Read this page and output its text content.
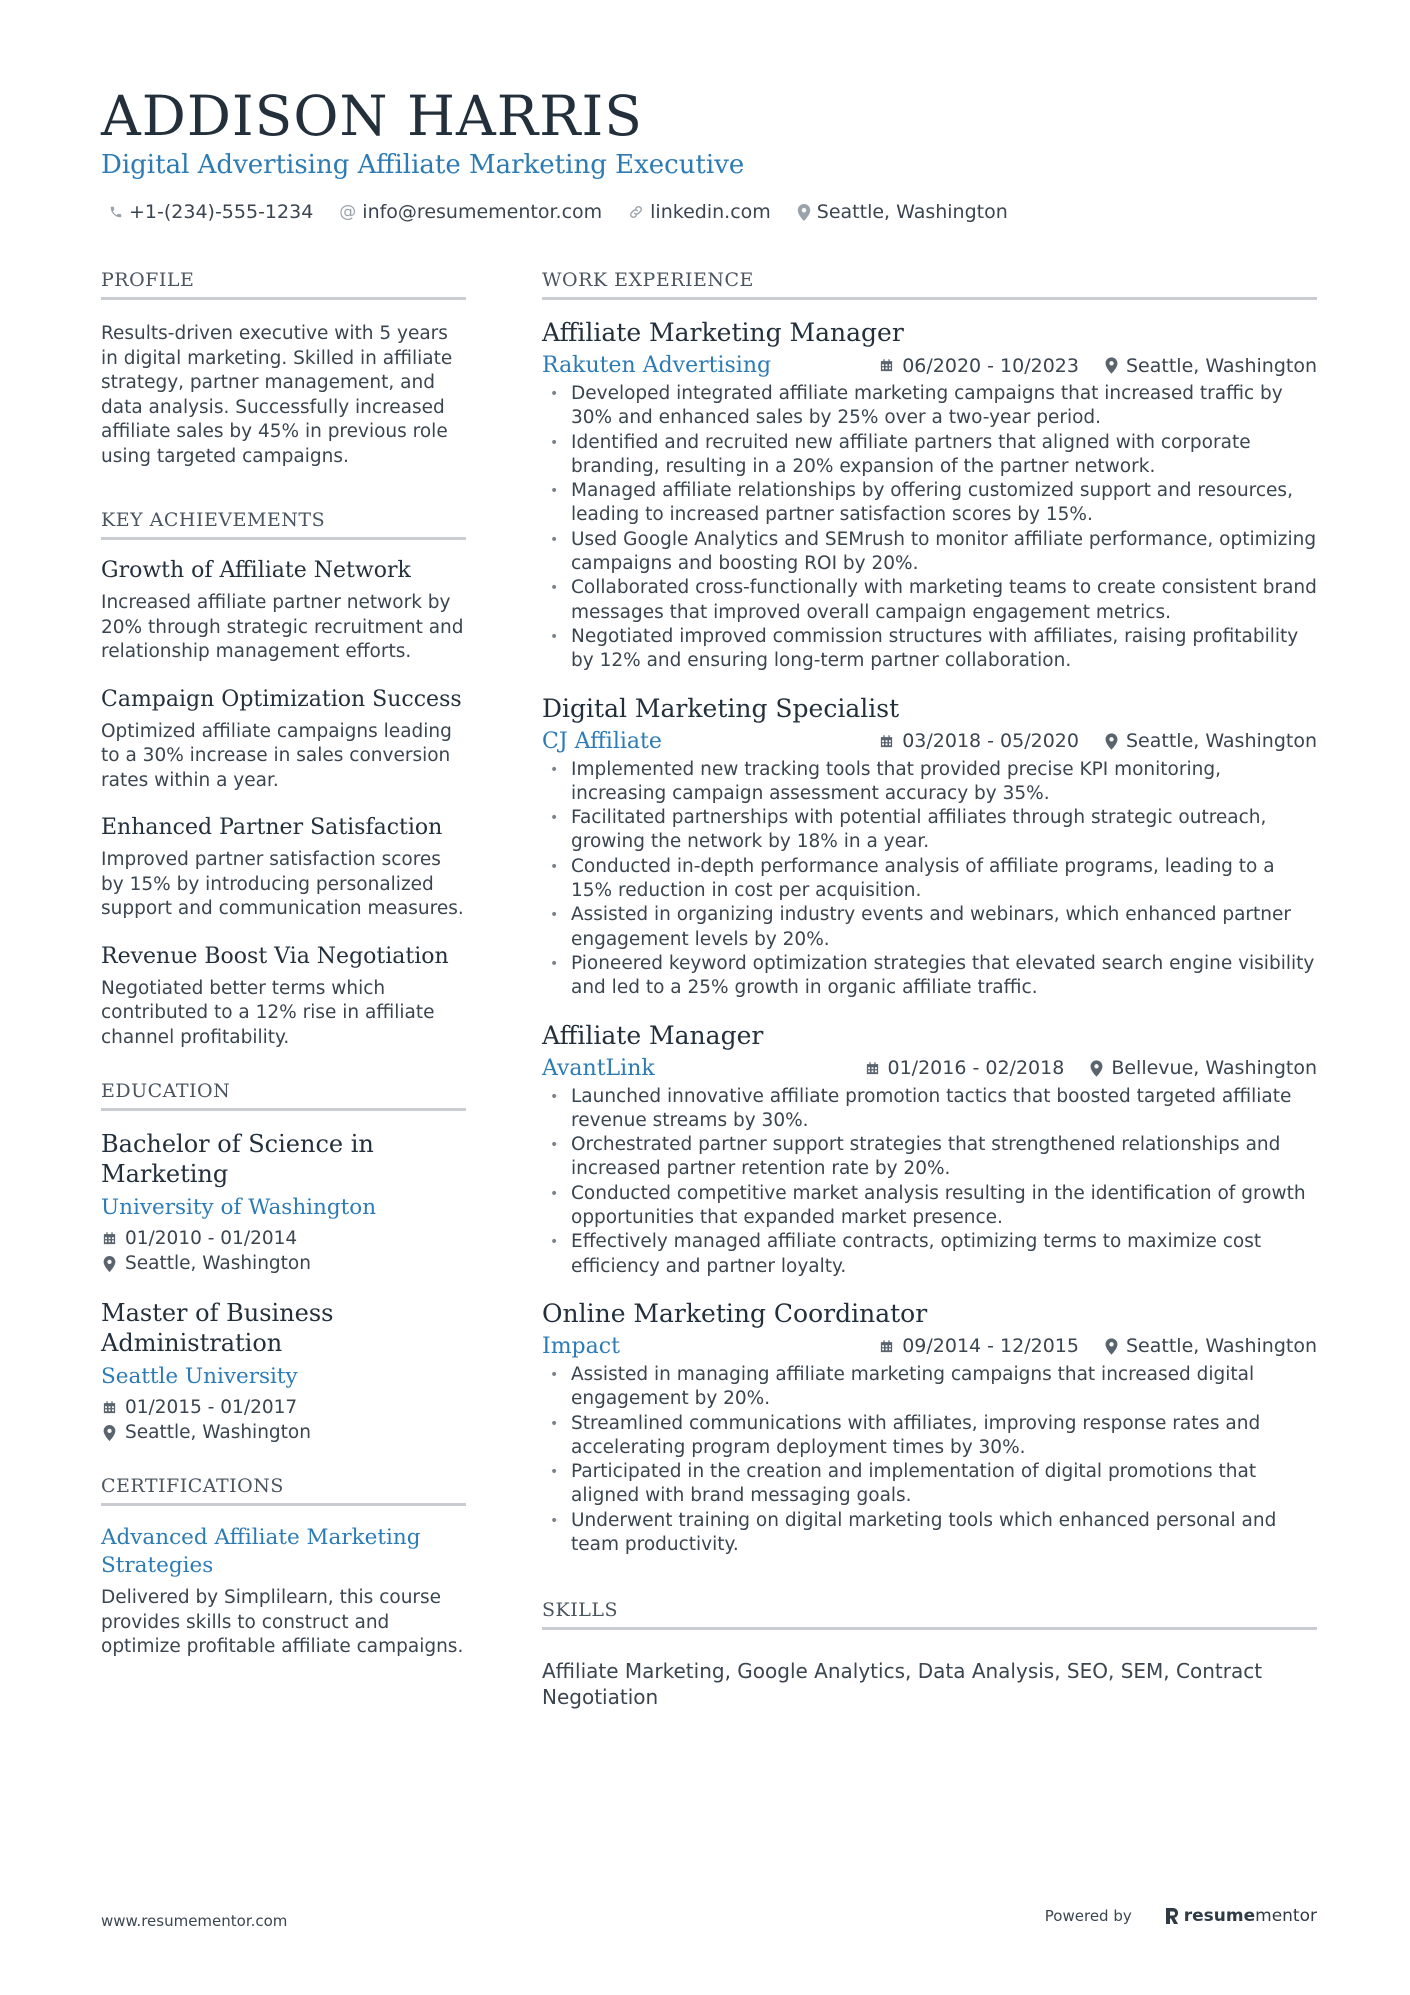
ADDISON HARRIS
Digital Advertising Affiliate Marketing Executive
+1-(234)-555-1234 @ info@resumementor.com	linkedin.com Seattle, Washington
PROFILE
Results-driven executive with 5 years in digital marketing. Skilled in affiliate strategy, partner management, and data analysis. Successfully increased affiliate sales by 45% in previous role using targeted campaigns.
KEY ACHIEVEMENTS
Growth of Affiliate Network
Increased affiliate partner network by 20% through strategic recruitment and relationship management efforts.
Campaign Optimization Success
Optimized affiliate campaigns leading to a 30% increase in sales conversion rates within a year.
Enhanced Partner Satisfaction
Improved partner satisfaction scores by 15% by introducing personalized support and communication measures.
Revenue Boost Via Negotiation
Negotiated better terms which contributed to a 12% rise in affiliate channel profitability.
EDUCATION
Bachelor of Science in Marketing
University of Washington
01/2010 - 01/2014
Seattle, Washington
Master of Business Administration
Seattle University
01/2015 - 01/2017
Seattle, Washington
CERTIFICATIONS
Advanced Affiliate Marketing Strategies
Delivered by Simplilearn, this course provides skills to construct and optimize profitable affiliate campaigns.
WORK EXPERIENCE
Affiliate Marketing Manager
Rakuten Advertising	06/2020 - 10/2023 Seattle, Washington
• Developed integrated affiliate marketing campaigns that increased traffic by 30% and enhanced sales by 25% over a two-year period.
• Identified and recruited new affiliate partners that aligned with corporate branding, resulting in a 20% expansion of the partner network.
• Managed affiliate relationships by offering customized support and resources, leading to increased partner satisfaction scores by 15%.
• Used Google Analytics and SEMrush to monitor affiliate performance, optimizing campaigns and boosting ROI by 20%.
• Collaborated cross-functionally with marketing teams to create consistent brand messages that improved overall campaign engagement metrics.
• Negotiated improved commission structures with affiliates, raising profitability by 12% and ensuring long-term partner collaboration.
Digital Marketing Specialist
CJ Affiliate	03/2018 - 05/2020 Seattle, Washington
• Implemented new tracking tools that provided precise KPI monitoring, increasing campaign assessment accuracy by 35%.
• Facilitated partnerships with potential affiliates through strategic outreach, growing the network by 18% in a year.
• Conducted in-depth performance analysis of affiliate programs, leading to a 15% reduction in cost per acquisition.
• Assisted in organizing industry events and webinars, which enhanced partner engagement levels by 20%.
• Pioneered keyword optimization strategies that elevated search engine visibility and led to a 25% growth in organic affiliate traffic.
Affiliate Manager
AvantLink	01/2016 - 02/2018 Bellevue, Washington
• Launched innovative affiliate promotion tactics that boosted targeted affiliate revenue streams by 30%.
• Orchestrated partner support strategies that strengthened relationships and increased partner retention rate by 20%.
• Conducted competitive market analysis resulting in the identification of growth opportunities that expanded market presence.
• Effectively managed affiliate contracts, optimizing terms to maximize cost efficiency and partner loyalty.
Online Marketing Coordinator
Impact	09/2014 - 12/2015 Seattle, Washington
• Assisted in managing affiliate marketing campaigns that increased digital engagement by 20%.
• Streamlined communications with affiliates, improving response rates and accelerating program deployment times by 30%.
• Participated in the creation and implementation of digital promotions that aligned with brand messaging goals.
• Underwent training on digital marketing tools which enhanced personal and team productivity.
SKILLS
Affiliate Marketing, Google Analytics, Data Analysis, SEO, SEM, Contract Negotiation
www.resumementor.com	Powered by	resume mentor
